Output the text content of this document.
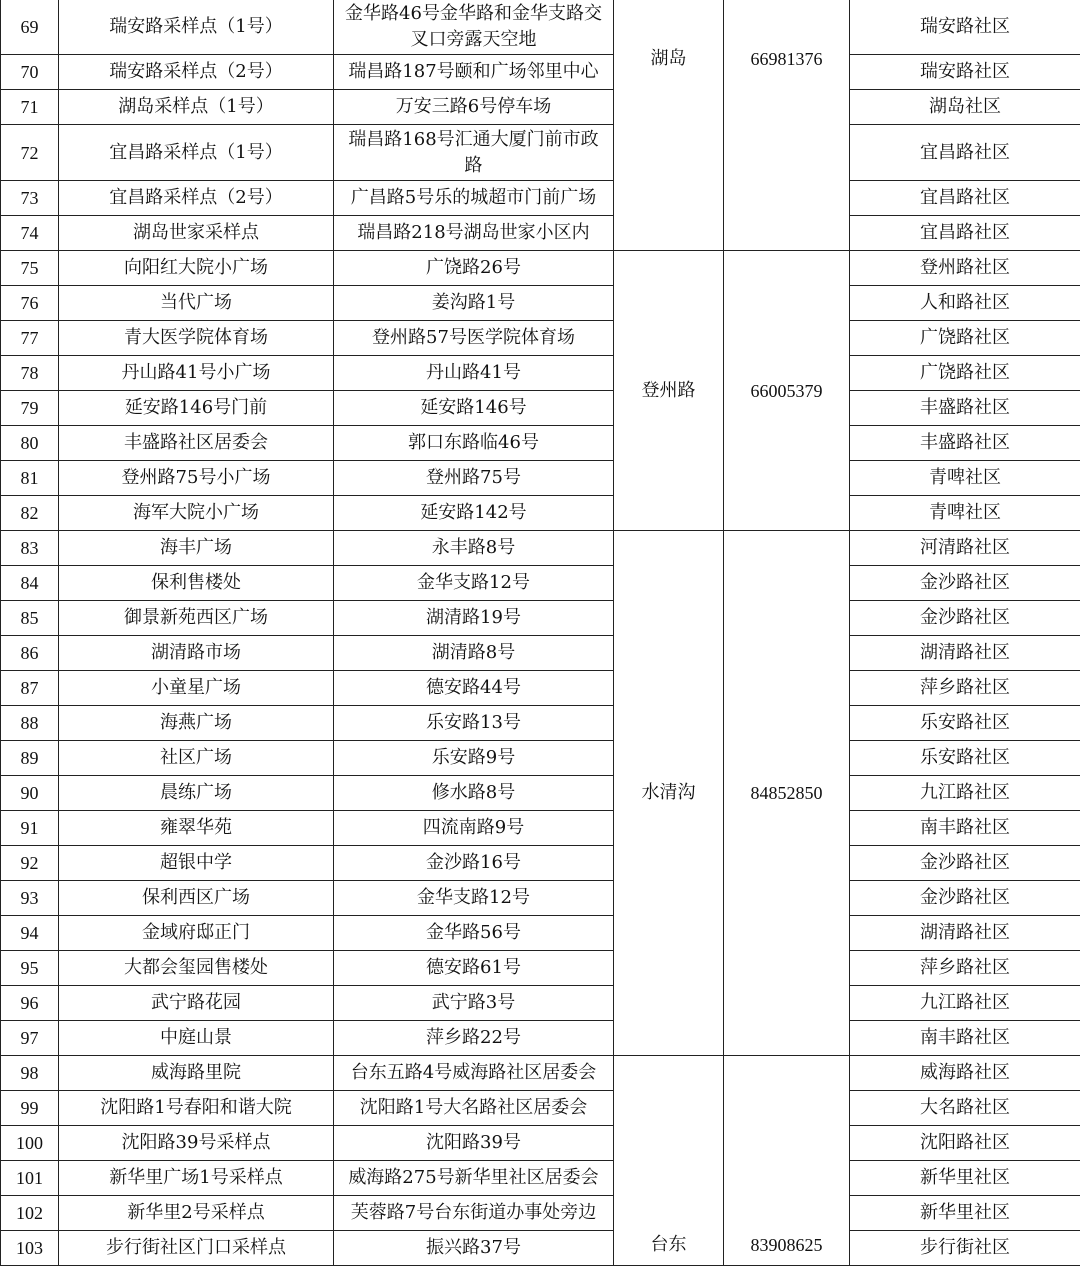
69	瑞安路采样点（1号）	金华路46号金华路和金华支路交叉口旁露天空地	湖岛	66981376	瑞安路社区
70	瑞安路采样点（2号）	瑞昌路187号颐和广场邻里中心			瑞安路社区
71	湖岛采样点（1号）	万安三路6号停车场			湖岛社区
72	宜昌路采样点（1号）	瑞昌路168号汇通大厦门前市政路			宜昌路社区
73	宜昌路采样点（2号）	广昌路5号乐的城超市门前广场			宜昌路社区
74	湖岛世家采样点	瑞昌路218号湖岛世家小区内			宜昌路社区
75	向阳红大院小广场	广饶路26号	登州路	66005379	登州路社区
76	当代广场	姜沟路1号			人和路社区
77	青大医学院体育场	登州路57号医学院体育场			广饶路社区
78	丹山路41号小广场	丹山路41号			广饶路社区
79	延安路146号门前	延安路146号			丰盛路社区
80	丰盛路社区居委会	郭口东路临46号			丰盛路社区
81	登州路75号小广场	登州路75号			青啤社区
82	海军大院小广场	延安路142号			青啤社区
83	海丰广场	永丰路8号	水清沟	84852850	河清路社区
84	保利售楼处	金华支路12号			金沙路社区
85	御景新苑西区广场	湖清路19号			金沙路社区
86	湖清路市场	湖清路8号			湖清路社区
87	小童星广场	德安路44号			萍乡路社区
88	海燕广场	乐安路13号			乐安路社区
89	社区广场	乐安路9号			乐安路社区
90	晨练广场	修水路8号			九江路社区
91	雍翠华苑	四流南路9号			南丰路社区
92	超银中学	金沙路16号			金沙路社区
93	保利西区广场	金华支路12号			金沙路社区
94	金域府邸正门	金华路56号			湖清路社区
95	大都会玺园售楼处	德安路61号			萍乡路社区
96	武宁路花园	武宁路3号			九江路社区
97	中庭山景	萍乡路22号			南丰路社区
98	威海路里院	台东五路4号威海路社区居委会	台东	83908625	威海路社区
99	沈阳路1号春阳和谐大院	沈阳路1号大名路社区居委会			大名路社区
100	沈阳路39号采样点	沈阳路39号			沈阳路社区
101	新华里广场1号采样点	威海路275号新华里社区居委会			新华里社区
102	新华里2号采样点	芙蓉路7号台东街道办事处旁边			新华里社区
103	步行街社区门口采样点	振兴路37号			步行街社区
